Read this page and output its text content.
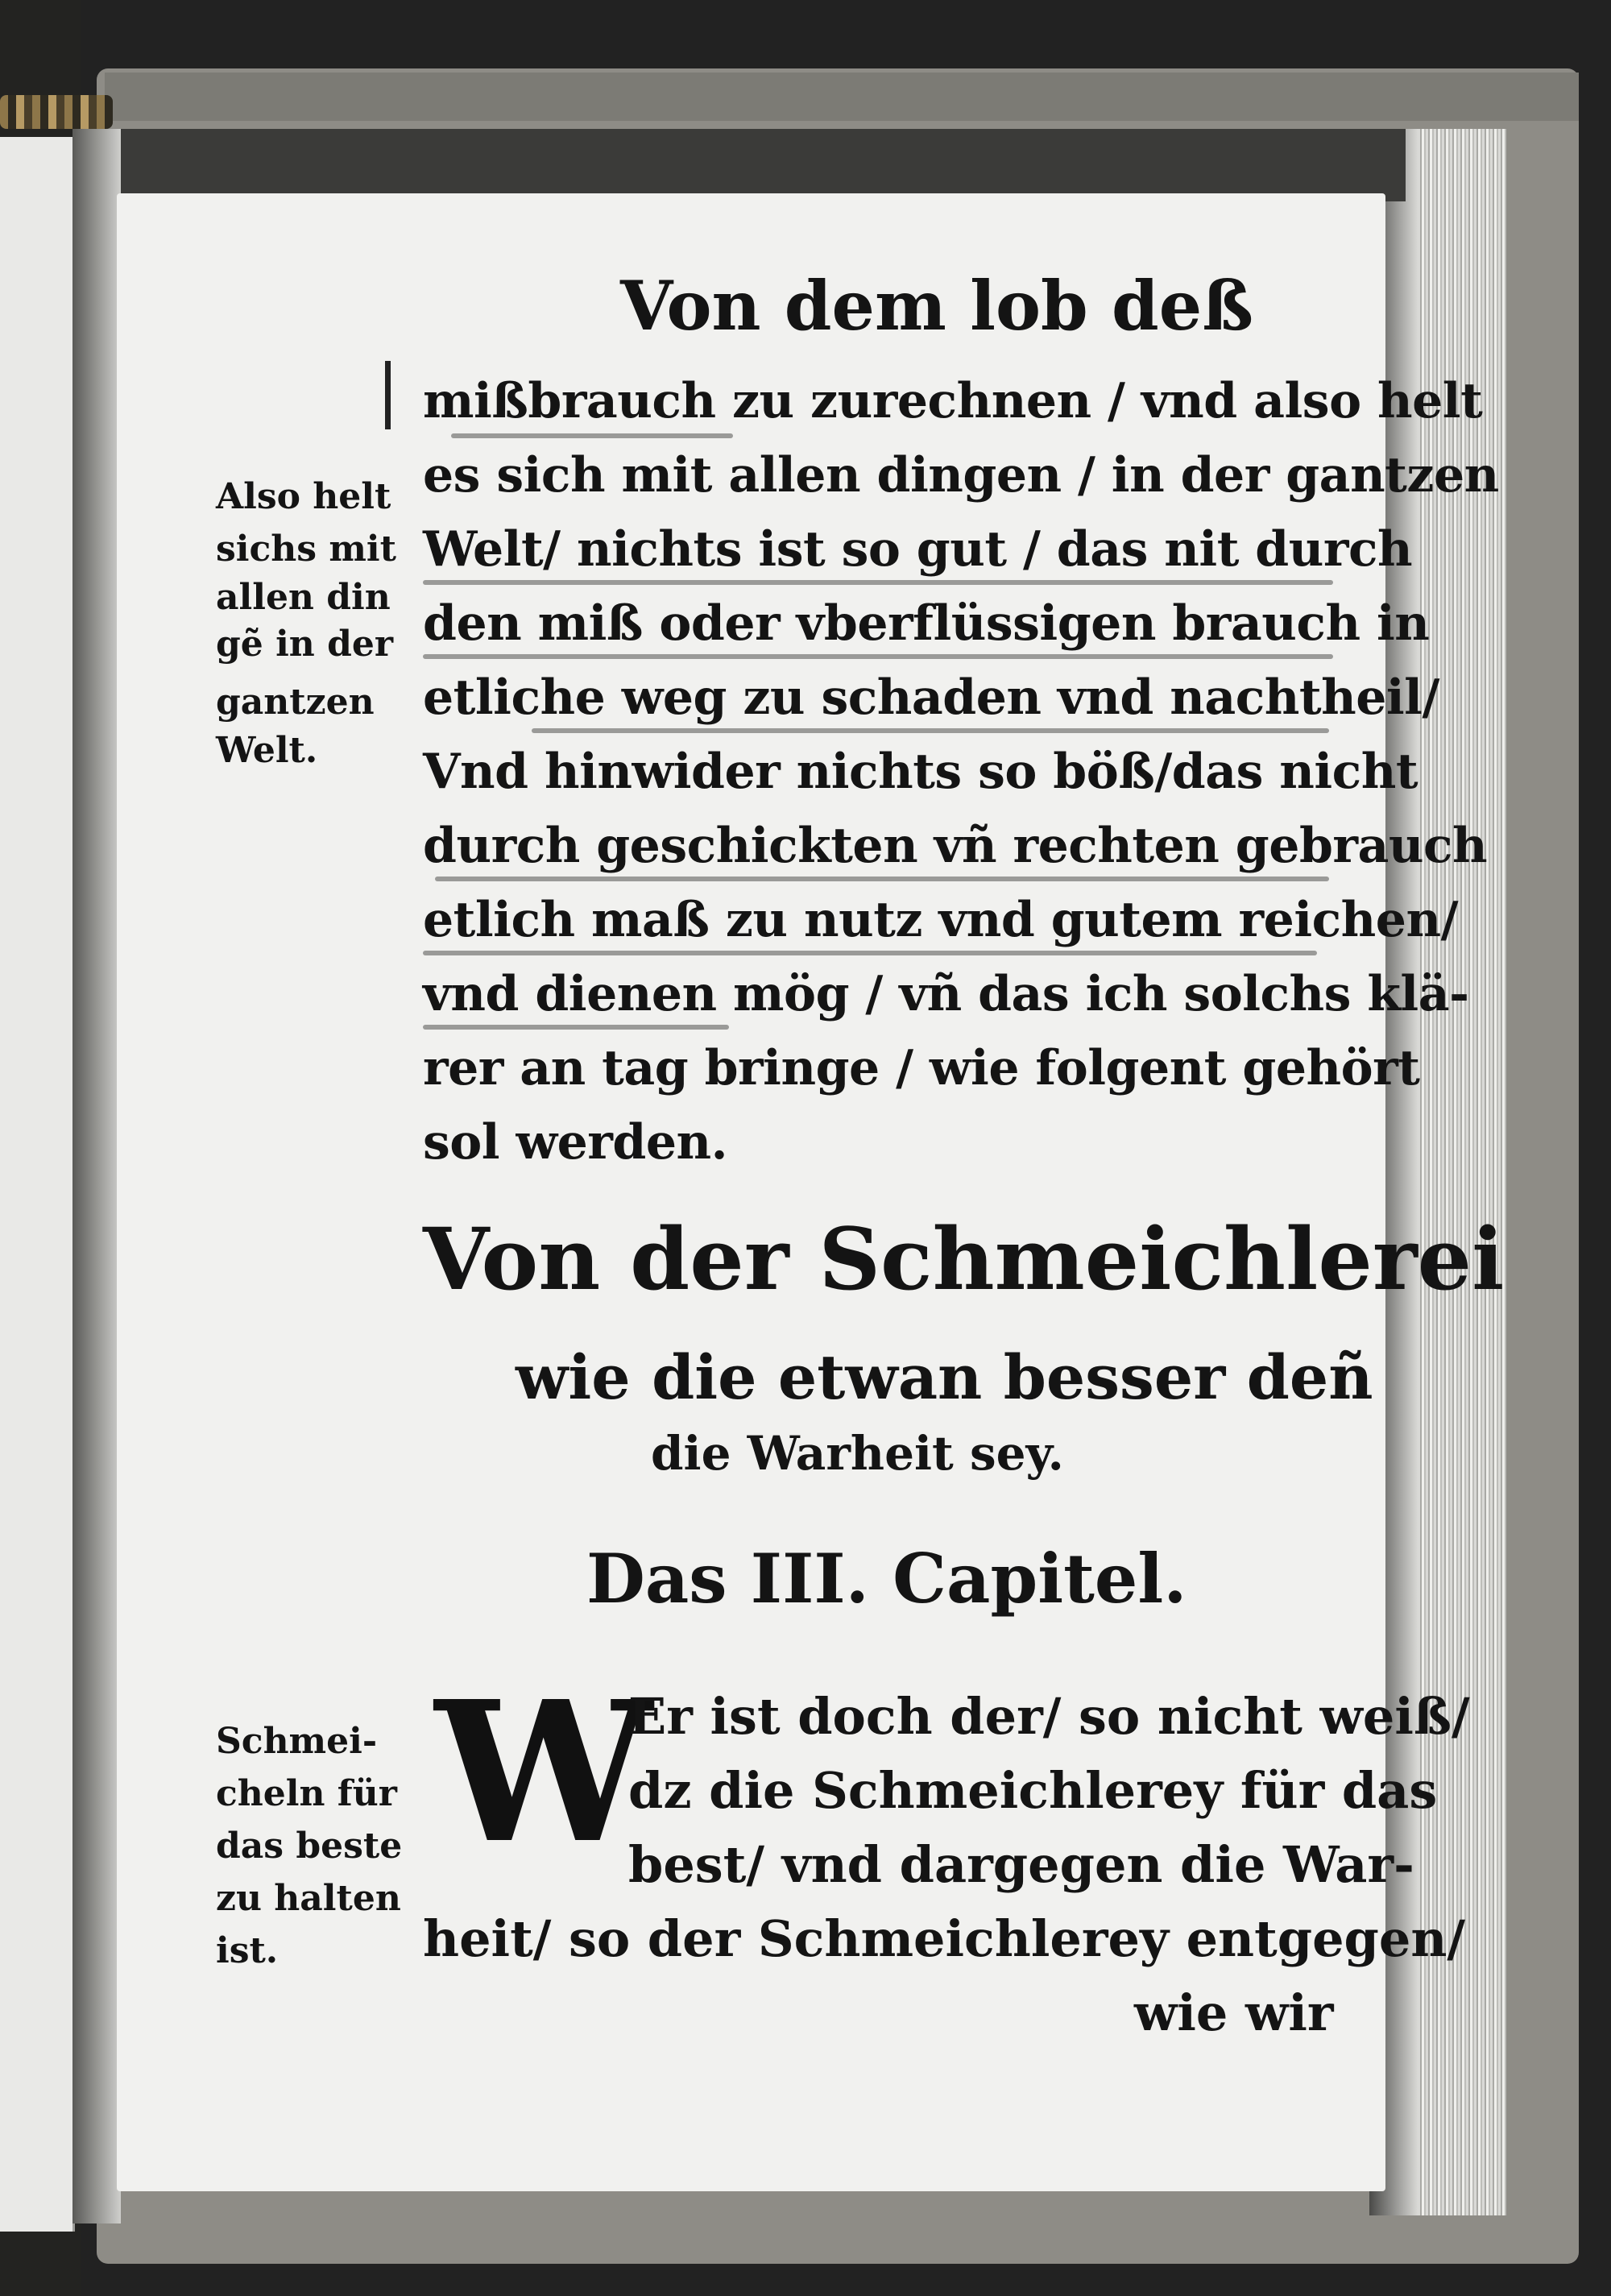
Von dem lob deß
mißbrauch zu zurechnen / vnd also helt
es sich mit allen dingen / in der gantzen
Welt/ nichts ist so gut / das nit durch
den miß oder vberflüssigen brauch in
etliche weg zu schaden vnd nachtheil/
Vnd hinwider nichts so böß/das nicht
durch geschickten vñ rechten gebrauch
etlich maß zu nutz vnd gutem reichen/
vnd dienen mög / vñ das ich solchs klä-
rer an tag bringe / wie folgent gehört
sol werden.
Also helt
sichs mit
allen din
gẽ in der
gantzen
Welt.
Von der Schmeichlerei
wie die etwan besser deñ
die Warheit sey.
Das III. Capitel.
W
Er ist doch der/ so nicht weiß/
dz die Schmeichlerey für das
best/ vnd dargegen die War-
heit/ so der Schmeichlerey entgegen/
wie wir
Schmei-
cheln für
das beste
zu halten
ist.
